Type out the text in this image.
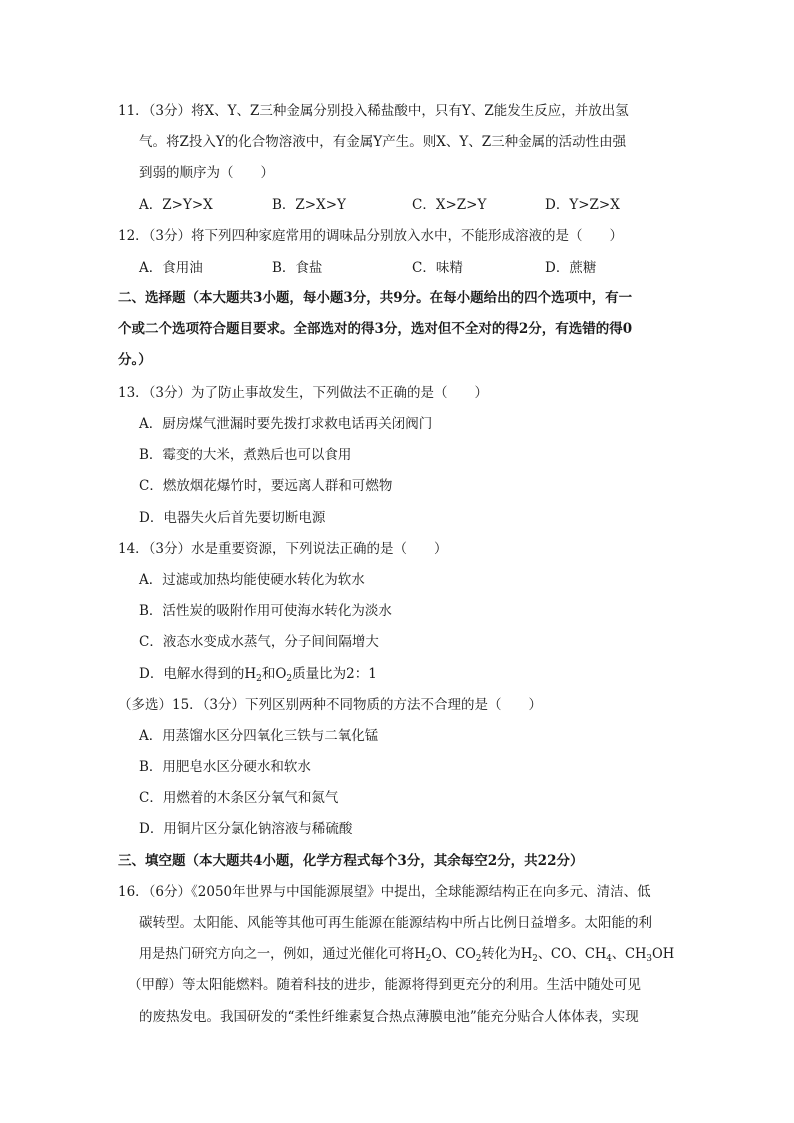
11．（3分）将X、Y、Z三种金属分别投入稀盐酸中，只有Y、Z能发生反应，并放出氢
气。将Z投入Y的化合物溶液中，有金属Y产生。则X、Y、Z三种金属的活动性由强
到弱的顺序为（　　）
A．Z>Y>X	B．Z>X>Y	C．X>Z>Y	D．Y>Z>X
12．（3分）将下列四种家庭常用的调味品分别放入水中，不能形成溶液的是（　　）
A．食用油	B．食盐	C．味精	D．蔗糖
二、选择题（本大题共3小题，每小题3分，共9分。在每小题给出的四个选项中，有一
个或二个选项符合题目要求。全部选对的得3分，选对但不全对的得2分，有选错的得0
分。）
13．（3分）为了防止事故发生，下列做法不正确的是（　　）
A．厨房煤气泄漏时要先拨打求救电话再关闭阀门
B．霉变的大米，煮熟后也可以食用
C．燃放烟花爆竹时，要远离人群和可燃物
D．电器失火后首先要切断电源
14．（3分）水是重要资源，下列说法正确的是（　　）
A．过滤或加热均能使硬水转化为软水
B．活性炭的吸附作用可使海水转化为淡水
C．液态水变成水蒸气，分子间间隔增大
D．电解水得到的$H_2$和$O_2$质量比为2：1
（多选）15．（3分）下列区别两种不同物质的方法不合理的是（　　）
A．用蒸馏水区分四氧化三铁与二氧化锰
B．用肥皂水区分硬水和软水
C．用燃着的木条区分氧气和氮气
D．用铜片区分氯化钠溶液与稀硫酸
三、填空题（本大题共4小题，化学方程式每个3分，其余每空2分，共22分）
16．（6分）《2050年世界与中国能源展望》中提出，全球能源结构正在向多元、清洁、低
碳转型。太阳能、风能等其他可再生能源在能源结构中所占比例日益增多。太阳能的利
用是热门研究方向之一，例如，通过光催化可将$H_2O$、$CO_2$转化为$H_2$、CO、$CH_4$、$CH_3OH$
（甲醇）等太阳能燃料。随着科技的进步，能源将得到更充分的利用。生活中随处可见
的废热发电。我国研发的“柔性纤维素复合热点薄膜电池”能充分贴合人体体表，实现
